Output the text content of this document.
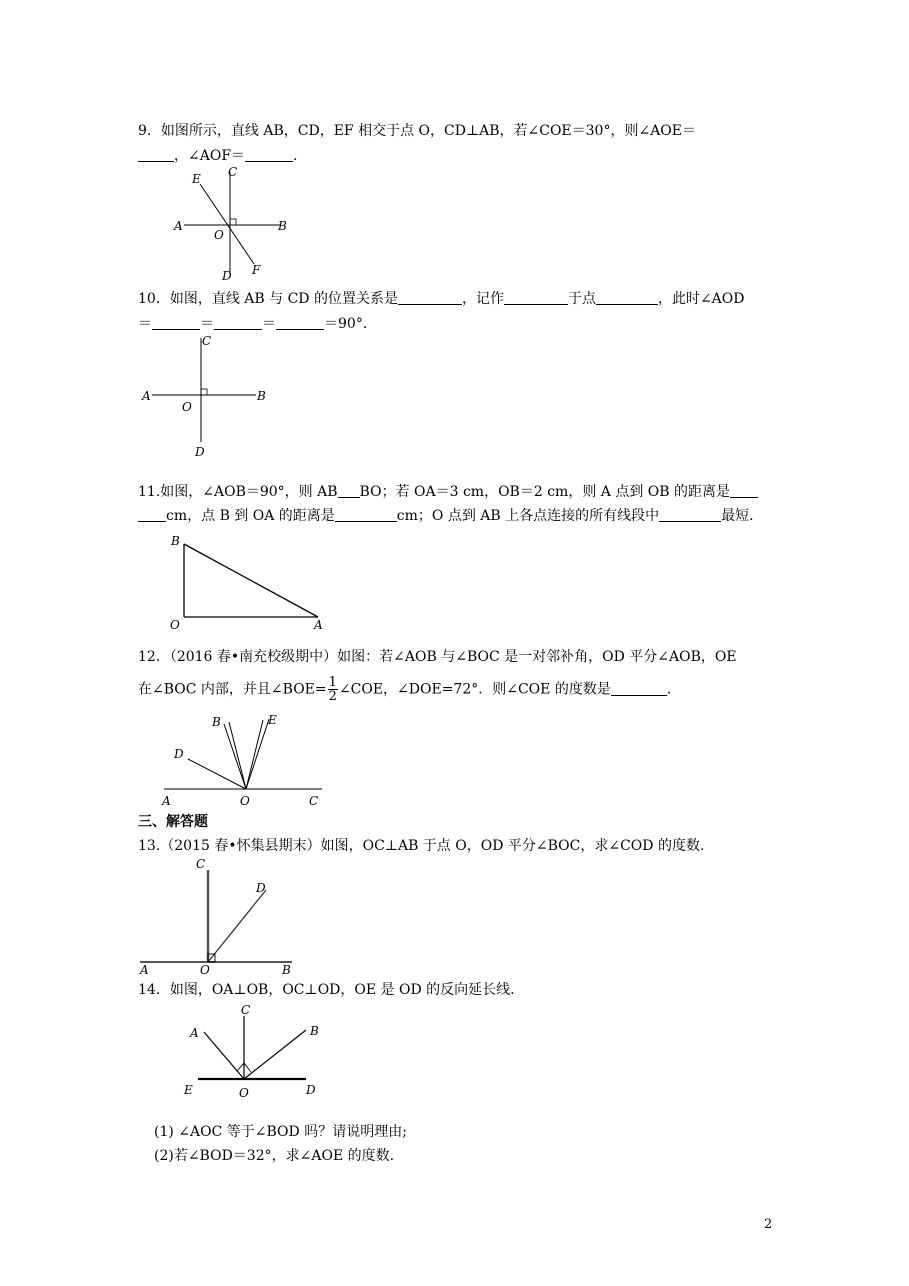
9．如图所示，直线 AB，CD，EF 相交于点 O，CD⊥AB，若∠COE＝30°，则∠AOE＝
，∠AOF＝	.
E C
A
O
B
D F
10．如图，直线 AB 与 CD 的位置关系是	，记作	于点	，此时∠AOD
＝	＝	＝	＝90°．
C
A
O
B
D
11.如图，∠AOB＝90°，则 AB BO；若 OA＝3 cm，OB＝2 cm，则 A 点到 OB 的距离是
cm，点 B 到 OA 的距离是	cm；O 点到 AB 上各点连接的所有线段中	最短．
B
O	A
12．（2016 春•南充校级期中）如图：若∠AOB 与∠BOC 是一对邻补角，OD 平分∠AOB，OE
在∠BOC 内部，并且∠BOE= $\frac{1}{2}$ ∠COE，∠DOE=72°．则∠COE 的度数是	.
B	E
D
A	O	C
三、解答题
13.（2015 春•怀集县期末）如图，OC⊥AB 于点 O，OD 平分∠BOC，求∠COD 的度数.
C
D
A	O	B
14．如图，OA⊥OB，OC⊥OD，OE 是 OD 的反向延长线.
C
A	B
E	O	D
(1) ∠AOC 等于∠BOD 吗？请说明理由;
(2)若∠BOD＝32°，求∠AOE 的度数.
2
